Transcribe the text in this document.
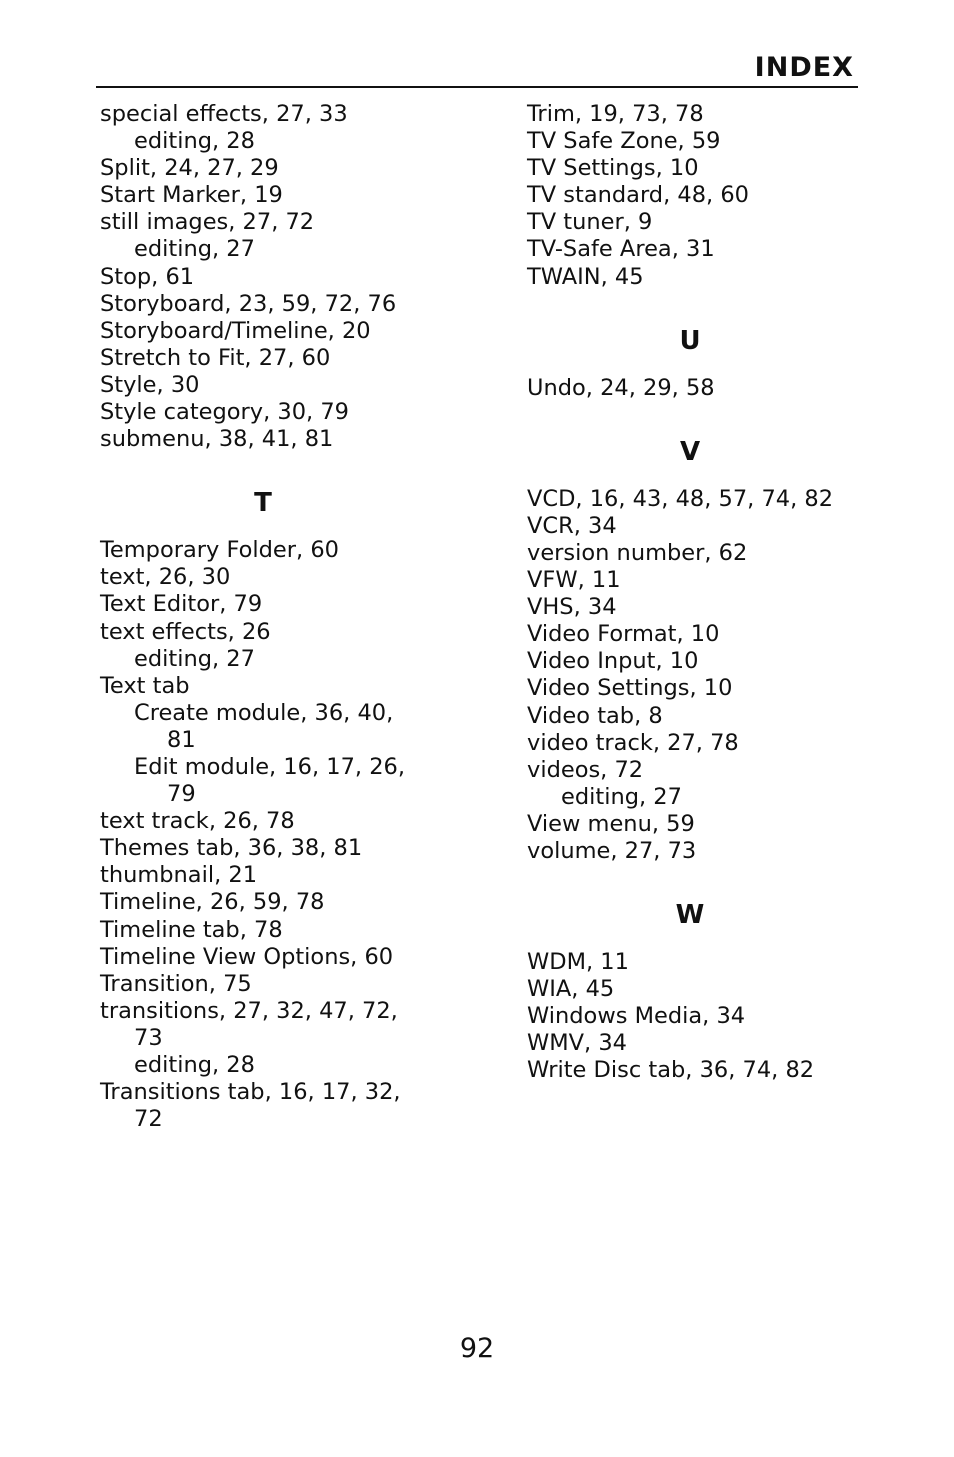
INDEX
special effects, 27, 33
editing, 28
Split, 24, 27, 29
Start Marker, 19
still images, 27, 72
editing, 27
Stop, 61
Storyboard, 23, 59, 72, 76
Storyboard/Timeline, 20
Stretch to Fit, 27, 60
Style, 30
Style category, 30, 79
submenu, 38, 41, 81
T
Temporary Folder, 60
text, 26, 30
Text Editor, 79
text effects, 26
editing, 27
Text tab
Create module, 36, 40,
81
Edit module, 16, 17, 26,
79
text track, 26, 78
Themes tab, 36, 38, 81
thumbnail, 21
Timeline, 26, 59, 78
Timeline tab, 78
Timeline View Options, 60
Transition, 75
transitions, 27, 32, 47, 72,
73
editing, 28
Transitions tab, 16, 17, 32,
72
Trim, 19, 73, 78
TV Safe Zone, 59
TV Settings, 10
TV standard, 48, 60
TV tuner, 9
TV-Safe Area, 31
TWAIN, 45
U
Undo, 24, 29, 58
V
VCD, 16, 43, 48, 57, 74, 82
VCR, 34
version number, 62
VFW, 11
VHS, 34
Video Format, 10
Video Input, 10
Video Settings, 10
Video tab, 8
video track, 27, 78
videos, 72
editing, 27
View menu, 59
volume, 27, 73
W
WDM, 11
WIA, 45
Windows Media, 34
WMV, 34
Write Disc tab, 36, 74, 82
92
